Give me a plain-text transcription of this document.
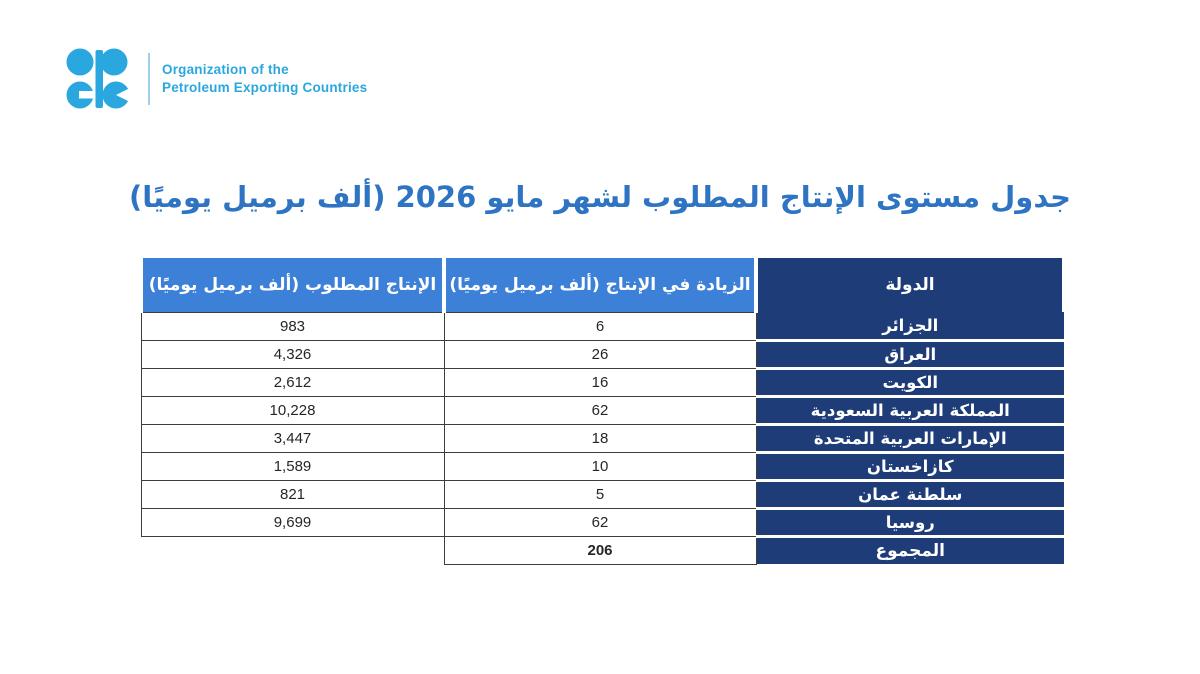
Organization of the
Petroleum Exporting Countries
جدول مستوى الإنتاج المطلوب لشهر مايو 2026 (ألف برميل يوميًا)
الدولة	الزيادة في الإنتاج (ألف برميل يوميًا)	الإنتاج المطلوب (ألف برميل يوميًا)
الجزائر	6	983
العراق	26	4,326
الكويت	16	2,612
المملكة العربية السعودية	62	10,228
الإمارات العربية المتحدة	18	3,447
كازاخستان	10	1,589
سلطنة عمان	5	821
روسيا	62	9,699
المجموع	206	
